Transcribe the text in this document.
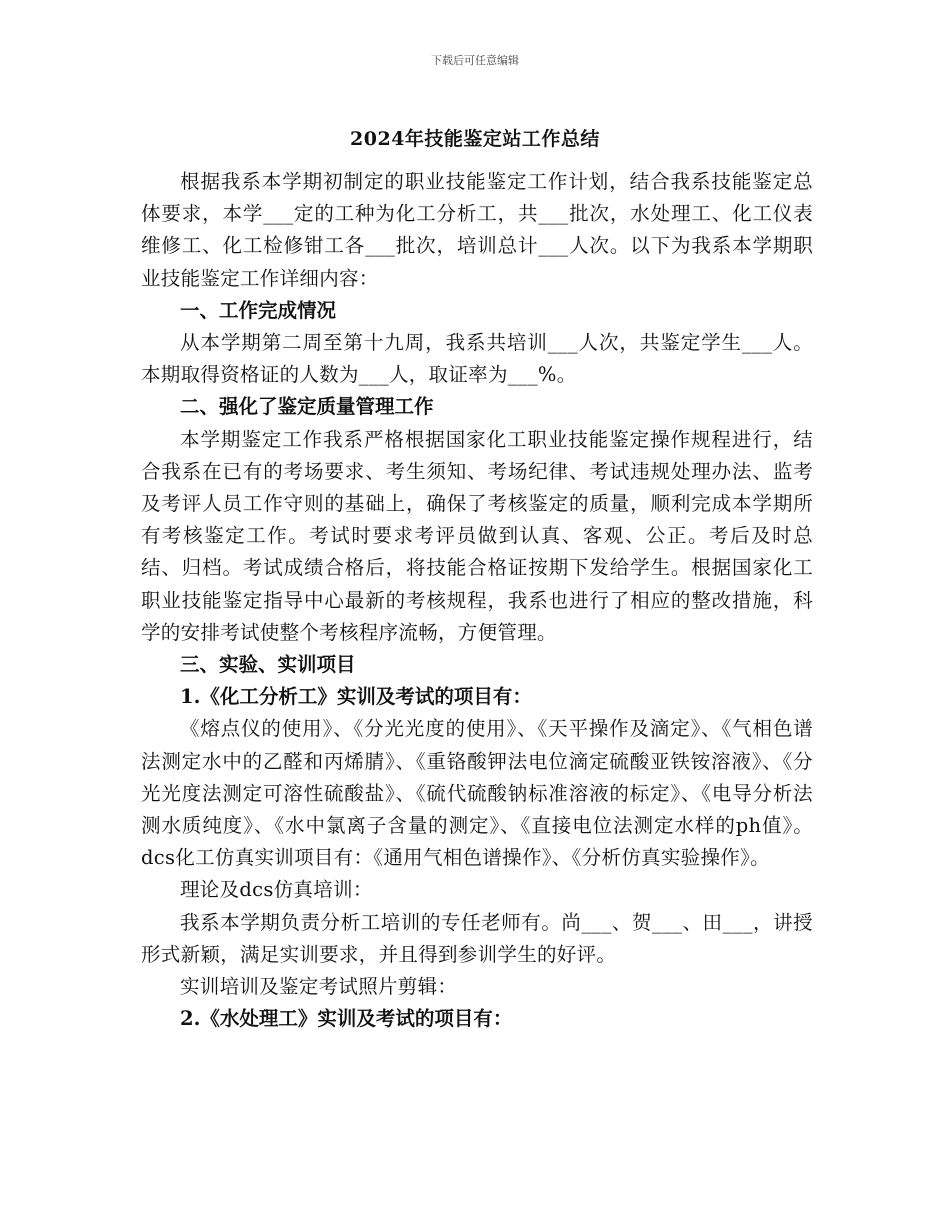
下载后可任意编辑
2024年技能鉴定站工作总结

根据我系本学期初制定的职业技能鉴定工作计划，结合我系技能鉴定总体要求，本学___定的工种为化工分析工，共___批次，水处理工、化工仪表维修工、化工检修钳工各___批次，培训总计___人次。以下为我系本学期职业技能鉴定工作详细内容：

一、工作完成情况

从本学期第二周至第十九周，我系共培训___人次，共鉴定学生___人。本期取得资格证的人数为___人，取证率为___%。

二、强化了鉴定质量管理工作

本学期鉴定工作我系严格根据国家化工职业技能鉴定操作规程进行，结合我系在已有的考场要求、考生须知、考场纪律、考试违规处理办法、监考及考评人员工作守则的基础上，确保了考核鉴定的质量，顺利完成本学期所有考核鉴定工作。考试时要求考评员做到认真、客观、公正。考后及时总结、归档。考试成绩合格后，将技能合格证按期下发给学生。根据国家化工职业技能鉴定指导中心最新的考核规程，我系也进行了相应的整改措施，科学的安排考试使整个考核程序流畅，方便管理。

三、实验、实训项目

1.《化工分析工》实训及考试的项目有：

《熔点仪的使用》、《分光光度的使用》、《天平操作及滴定》、《气相色谱法测定水中的乙醛和丙烯腈》、《重铬酸钾法电位滴定硫酸亚铁铵溶液》、《分光光度法测定可溶性硫酸盐》、《硫代硫酸钠标准溶液的标定》、《电导分析法测水质纯度》、《水中氯离子含量的测定》、《直接电位法测定水样的ph值》。dcs化工仿真实训项目有：《通用气相色谱操作》、《分析仿真实验操作》。

理论及dcs仿真培训：

我系本学期负责分析工培训的专任老师有。尚___、贺___、田___，讲授形式新颖，满足实训要求，并且得到参训学生的好评。

实训培训及鉴定考试照片剪辑：

2.《水处理工》实训及考试的项目有：
